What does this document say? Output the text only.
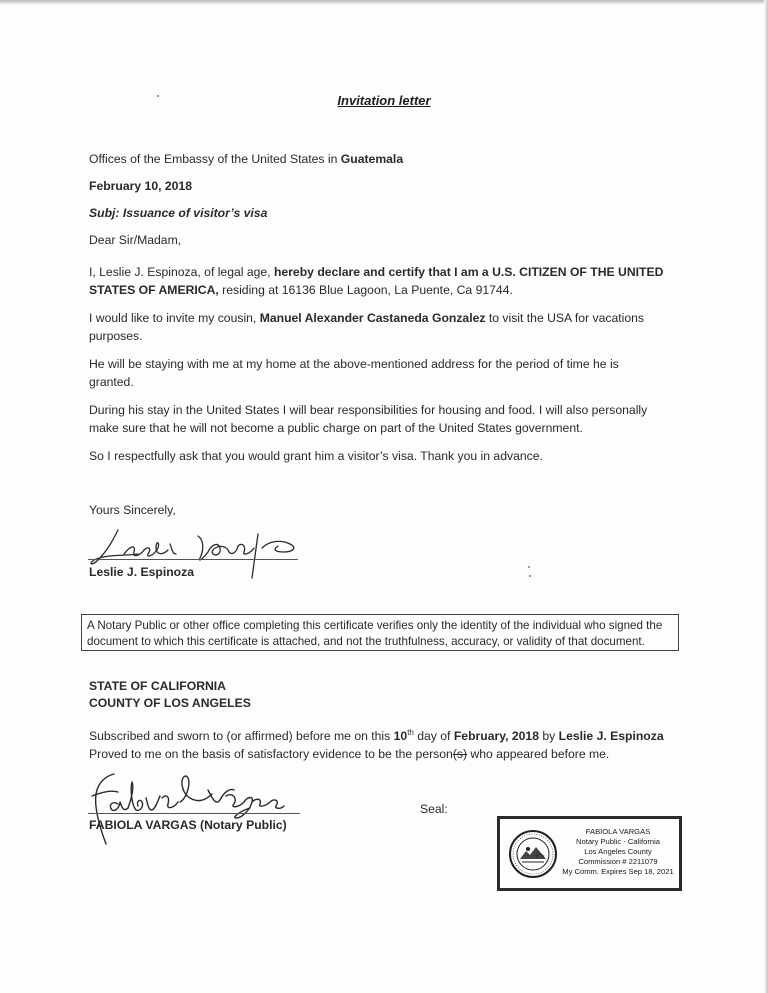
Invitation letter
Offices of the Embassy of the United States in Guatemala
February 10, 2018
Subj: Issuance of visitor’s visa
Dear Sir/Madam,
I, Leslie J. Espinoza, of legal age, hereby declare and certify that I am a U.S. CITIZEN OF THE UNITED
STATES OF AMERICA, residing at 16136 Blue Lagoon, La Puente, Ca 91744.
I would like to invite my cousin, Manuel Alexander Castaneda Gonzalez to visit the USA for vacations
purposes.
He will be staying with me at my home at the above-mentioned address for the period of time he is
granted.
During his stay in the United States I will bear responsibilities for housing and food. I will also personally
make sure that he will not become a public charge on part of the United States government.
So I respectfully ask that you would grant him a visitor’s visa. Thank you in advance.
Yours Sincerely,
Leslie J. Espinoza
A Notary Public or other office completing this certificate verifies only the identity of the individual who signed the
document to which this certificate is attached, and not the truthfulness, accuracy, or validity of that document.
STATE OF CALIFORNIA
COUNTY OF LOS ANGELES
Subscribed and sworn to (or affirmed) before me on this 10th day of February, 2018 by Leslie J. Espinoza
Proved to me on the basis of satisfactory evidence to be the person(s) who appeared before me.
FABIOLA VARGAS (Notary Public)
Seal:
FABIOLA VARGAS
Notary Public - California
Los Angeles County
Commission # 2211079
My Comm. Expires Sep 18, 2021
